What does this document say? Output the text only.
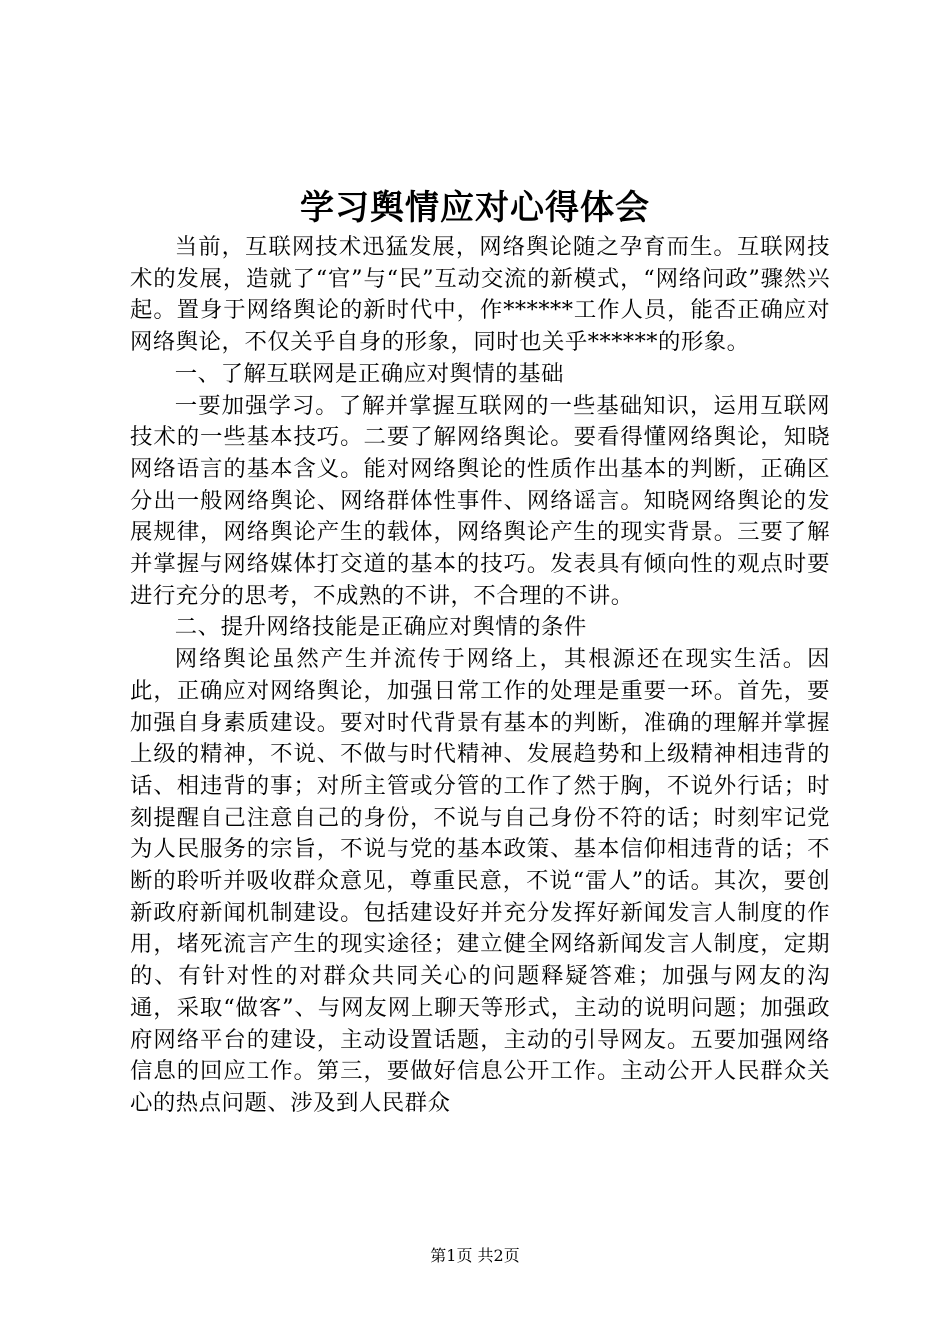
学习舆情应对心得体会

当前，互联网技术迅猛发展，网络舆论随之孕育而生。互联网技术的发展，造就了“官”与“民”互动交流的新模式，“网络问政”骤然兴起。置身于网络舆论的新时代中，作******工作人员，能否正确应对网络舆论，不仅关乎自身的形象，同时也关乎******的形象。

一、了解互联网是正确应对舆情的基础

一要加强学习。了解并掌握互联网的一些基础知识，运用互联网技术的一些基本技巧。二要了解网络舆论。要看得懂网络舆论，知晓网络语言的基本含义。能对网络舆论的性质作出基本的判断，正确区分出一般网络舆论、网络群体性事件、网络谣言。知晓网络舆论的发展规律，网络舆论产生的载体，网络舆论产生的现实背景。三要了解并掌握与网络媒体打交道的基本的技巧。发表具有倾向性的观点时要进行充分的思考，不成熟的不讲，不合理的不讲。

二、提升网络技能是正确应对舆情的条件

网络舆论虽然产生并流传于网络上，其根源还在现实生活。因此，正确应对网络舆论，加强日常工作的处理是重要一环。首先，要加强自身素质建设。要对时代背景有基本的判断，准确的理解并掌握上级的精神，不说、不做与时代精神、发展趋势和上级精神相违背的话、相违背的事；对所主管或分管的工作了然于胸，不说外行话；时刻提醒自己注意自己的身份，不说与自己身份不符的话；时刻牢记党为人民服务的宗旨，不说与党的基本政策、基本信仰相违背的话；不断的聆听并吸收群众意见，尊重民意，不说“雷人”的话。其次，要创新政府新闻机制建设。包括建设好并充分发挥好新闻发言人制度的作用，堵死流言产生的现实途径；建立健全网络新闻发言人制度，定期的、有针对性的对群众共同关心的问题释疑答难；加强与网友的沟通，采取“做客”、与网友网上聊天等形式，主动的说明问题；加强政府网络平台的建设，主动设置话题，主动的引导网友。五要加强网络信息的回应工作。第三，要做好信息公开工作。主动公开人民群众关心的热点问题、涉及到人民群众

第1页 共2页
